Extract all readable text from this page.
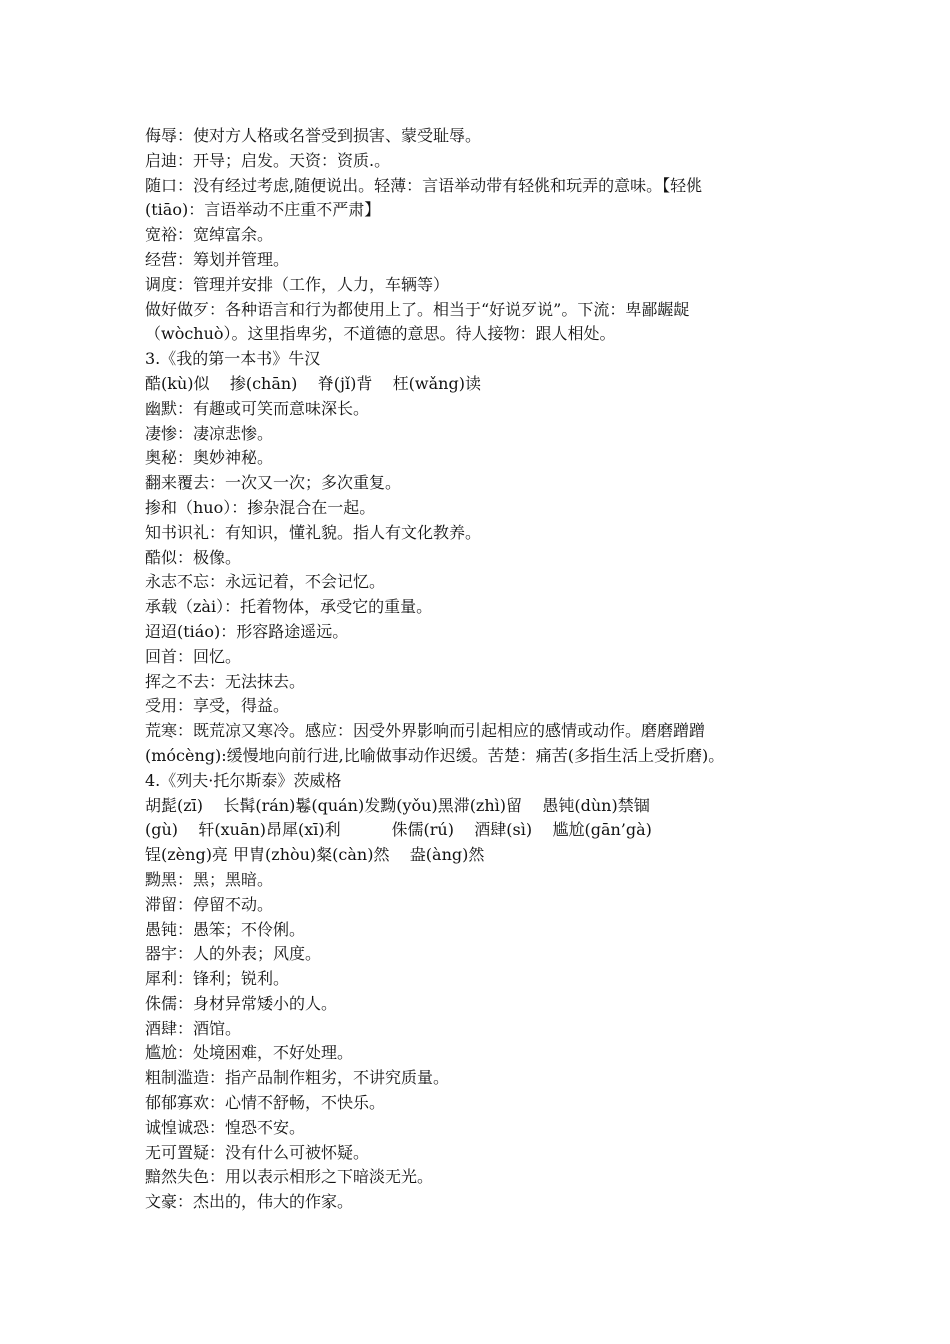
侮辱：使对方人格或名誉受到损害、蒙受耻辱。
启迪：开导；启发。天资：资质.。
随口：没有经过考虑,随便说出。轻薄：言语举动带有轻佻和玩弄的意味。【轻佻
(tiāo)：言语举动不庄重不严肃】
宽裕：宽绰富余。
经营：筹划并管理。
调度：管理并安排（工作，人力，车辆等）
做好做歹：各种语言和行为都使用上了。相当于“好说歹说”。下流：卑鄙龌龊
（wòchuò）。这里指卑劣，不道德的意思。待人接物：跟人相处。
3.《我的第一本书》牛汉
酷(kù)似    掺(chān)    脊(jǐ)背    枉(wǎng)读
幽默：有趣或可笑而意味深长。
凄惨：凄凉悲惨。
奥秘：奥妙神秘。
翻来覆去：一次又一次；多次重复。
掺和（huo）：掺杂混合在一起。
知书识礼：有知识，懂礼貌。指人有文化教养。
酷似：极像。
永志不忘：永远记着，不会记忆。
承载（zài）：托着物体，承受它的重量。
迢迢(tiáo)：形容路途遥远。
回首：回忆。
挥之不去：无法抹去。
受用：享受，得益。
荒寒：既荒凉又寒冷。感应：因受外界影响而引起相应的感情或动作。磨磨蹭蹭
(mócèng):缓慢地向前行进,比喻做事动作迟缓。苦楚：痛苦(多指生活上受折磨)。
4.《列夫·托尔斯泰》茨威格
胡髭(zī)    长髯(rán)鬈(quán)发黝(yǒu)黑滞(zhì)留    愚钝(dùn)禁锢
(gù)    轩(xuān)昂犀(xī)利          侏儒(rú)    酒肆(sì)    尴尬(gān’gà)
锃(zèng)亮 甲胄(zhòu)粲(càn)然    盎(àng)然
黝黑：黑；黑暗。
滞留：停留不动。
愚钝：愚笨；不伶俐。
器宇：人的外表；风度。
犀利：锋利；锐利。
侏儒：身材异常矮小的人。
酒肆：酒馆。
尴尬：处境困难，不好处理。
粗制滥造：指产品制作粗劣，不讲究质量。
郁郁寡欢：心情不舒畅，不快乐。
诚惶诚恐：惶恐不安。
无可置疑：没有什么可被怀疑。
黯然失色：用以表示相形之下暗淡无光。
文豪：杰出的，伟大的作家。
